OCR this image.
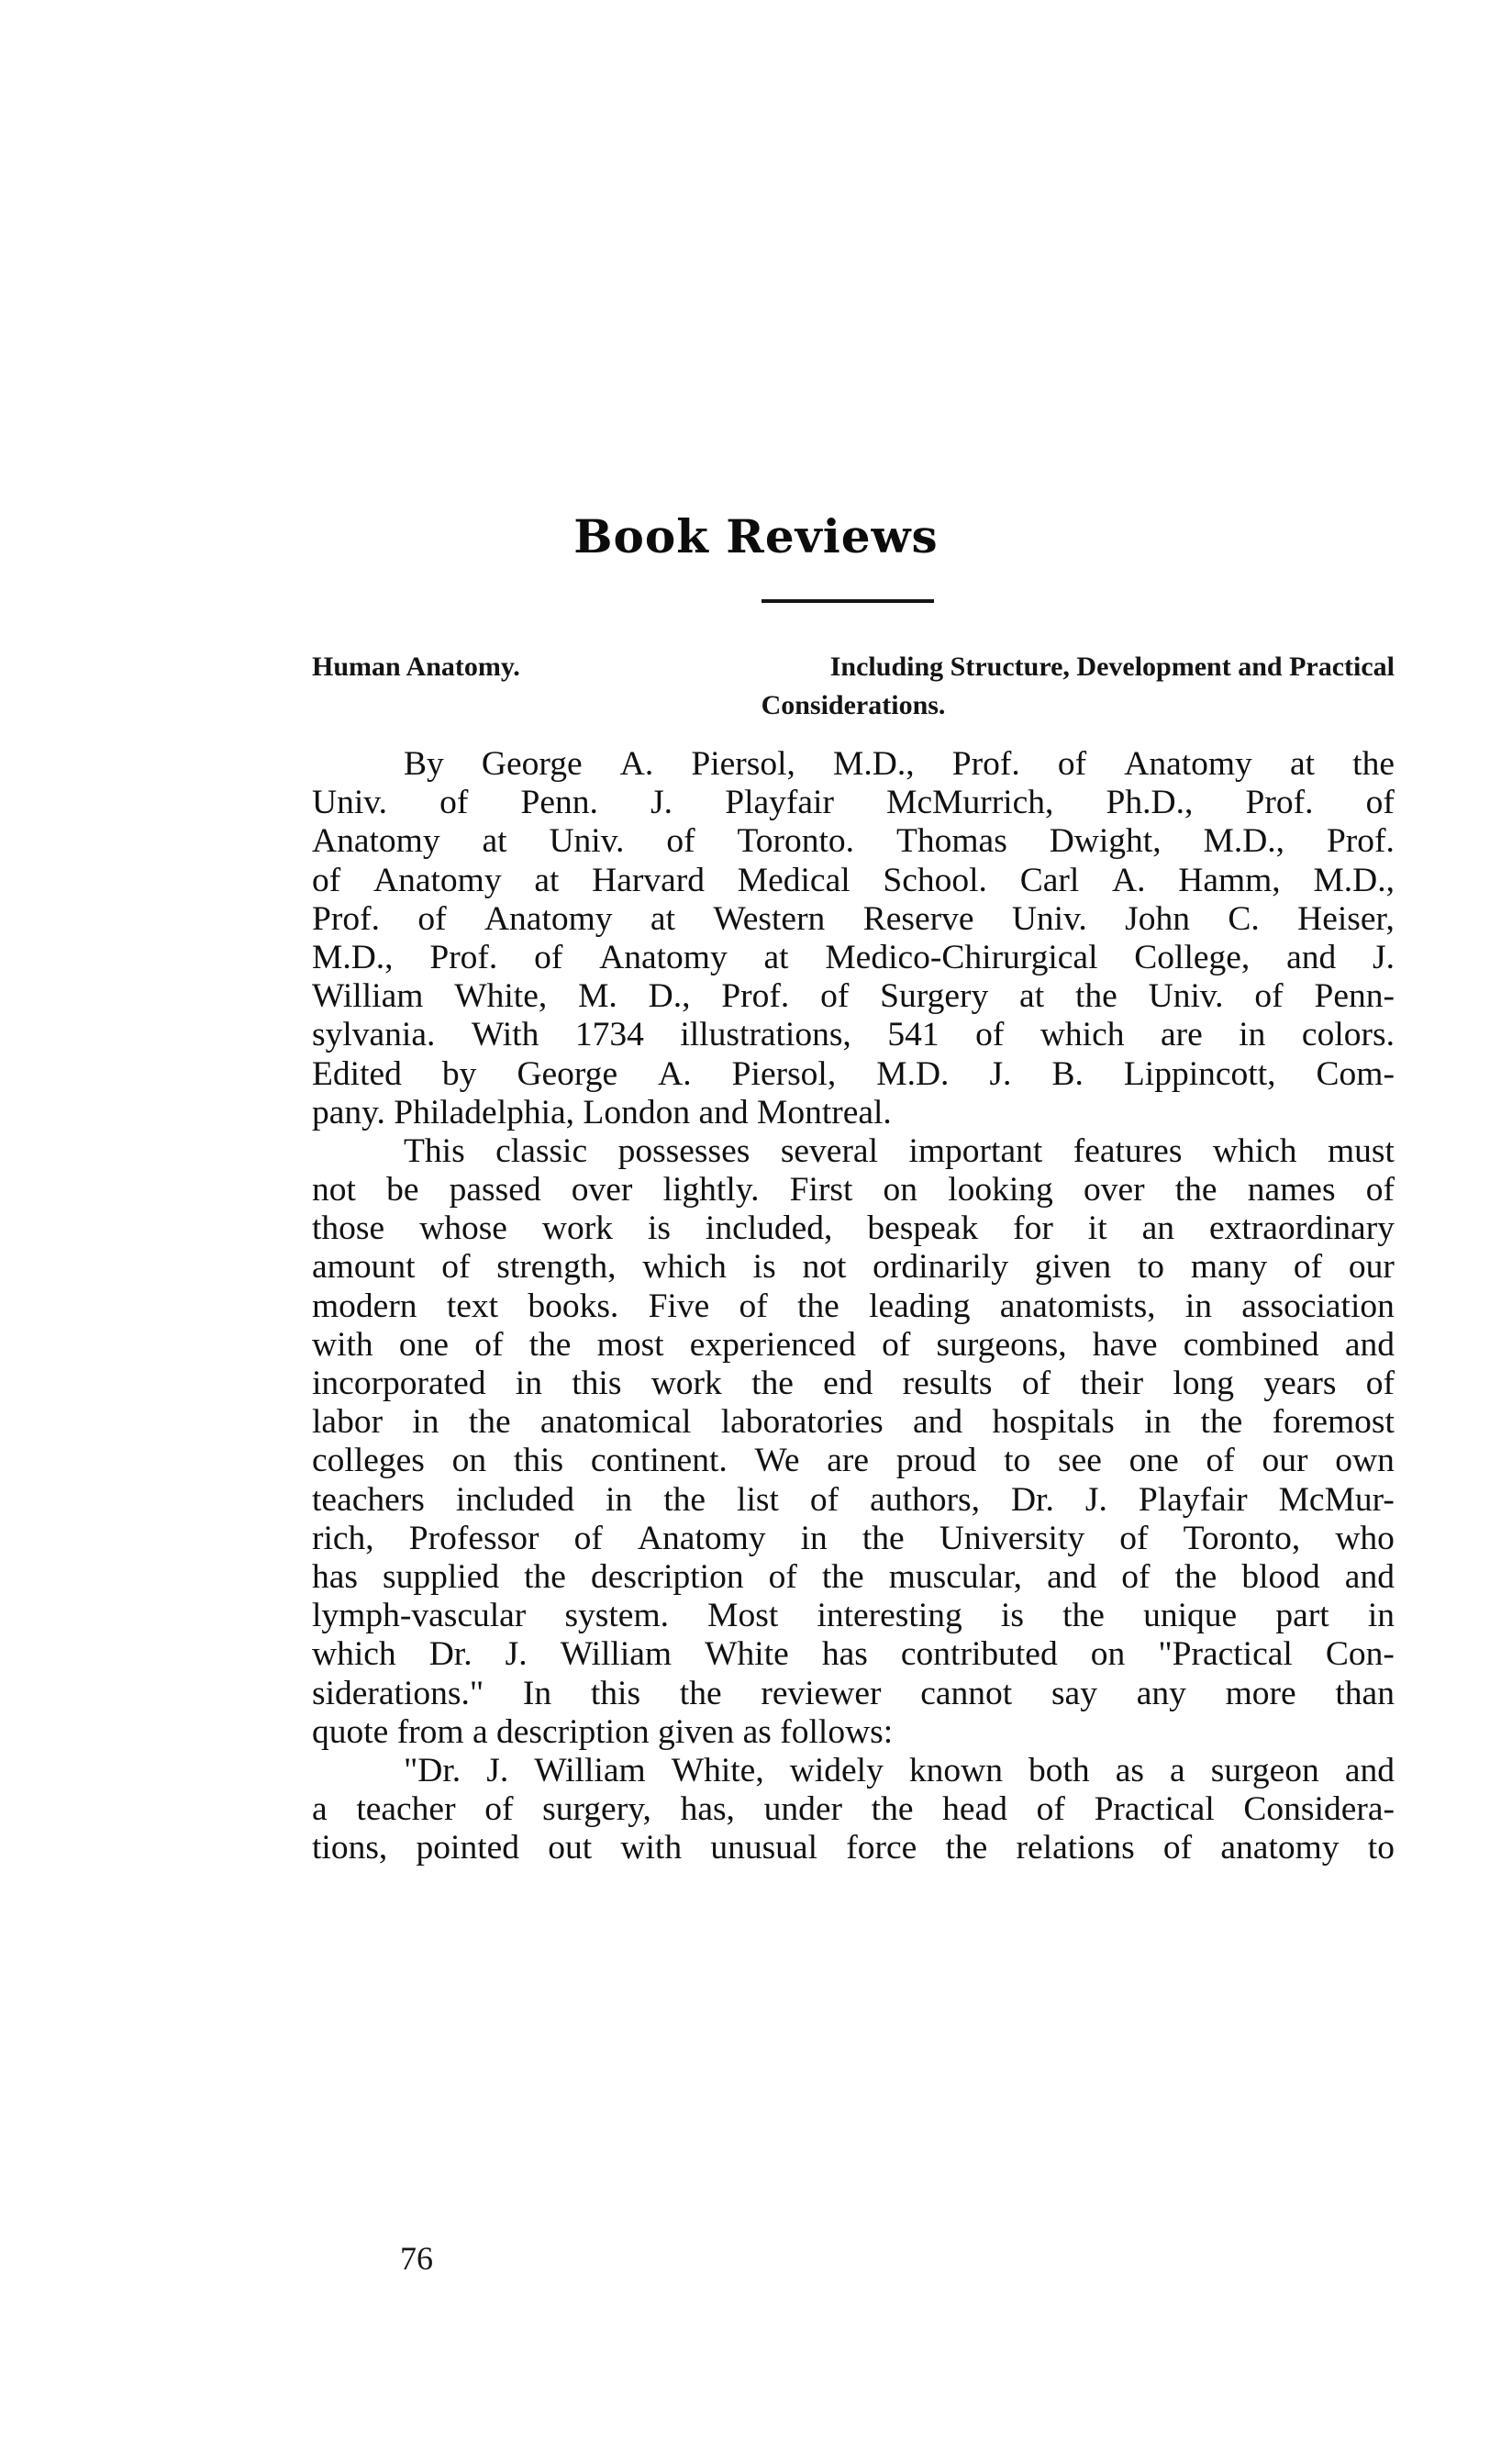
Book Reviews
Human Anatomy.	Including Structure, Development and Practical
Considerations.
By George A. Piersol, M.D., Prof. of Anatomy at the
Univ. of Penn. J. Playfair McMurrich, Ph.D., Prof. of
Anatomy at Univ. of Toronto. Thomas Dwight, M.D., Prof.
of Anatomy at Harvard Medical School. Carl A. Hamm, M.D.,
Prof. of Anatomy at Western Reserve Univ. John C. Heiser,
M.D., Prof. of Anatomy at Medico-Chirurgical College, and J.
William White, M. D., Prof. of Surgery at the Univ. of Penn-
sylvania. With 1734 illustrations, 541 of which are in colors.
Edited by George A. Piersol, M.D. J. B. Lippincott, Com-
pany. Philadelphia, London and Montreal.
This classic possesses several important features which must
not be passed over lightly. First on looking over the names of
those whose work is included, bespeak for it an extraordinary
amount of strength, which is not ordinarily given to many of our
modern text books. Five of the leading anatomists, in association
with one of the most experienced of surgeons, have combined and
incorporated in this work the end results of their long years of
labor in the anatomical laboratories and hospitals in the foremost
colleges on this continent. We are proud to see one of our own
teachers included in the list of authors, Dr. J. Playfair McMur-
rich, Professor of Anatomy in the University of Toronto, who
has supplied the description of the muscular, and of the blood and
lymph-vascular system. Most interesting is the unique part in
which Dr. J. William White has contributed on "Practical Con-
siderations." In this the reviewer cannot say any more than
quote from a description given as follows:
"Dr. J. William White, widely known both as a surgeon and
a teacher of surgery, has, under the head of Practical Considera-
tions, pointed out with unusual force the relations of anatomy to
76
